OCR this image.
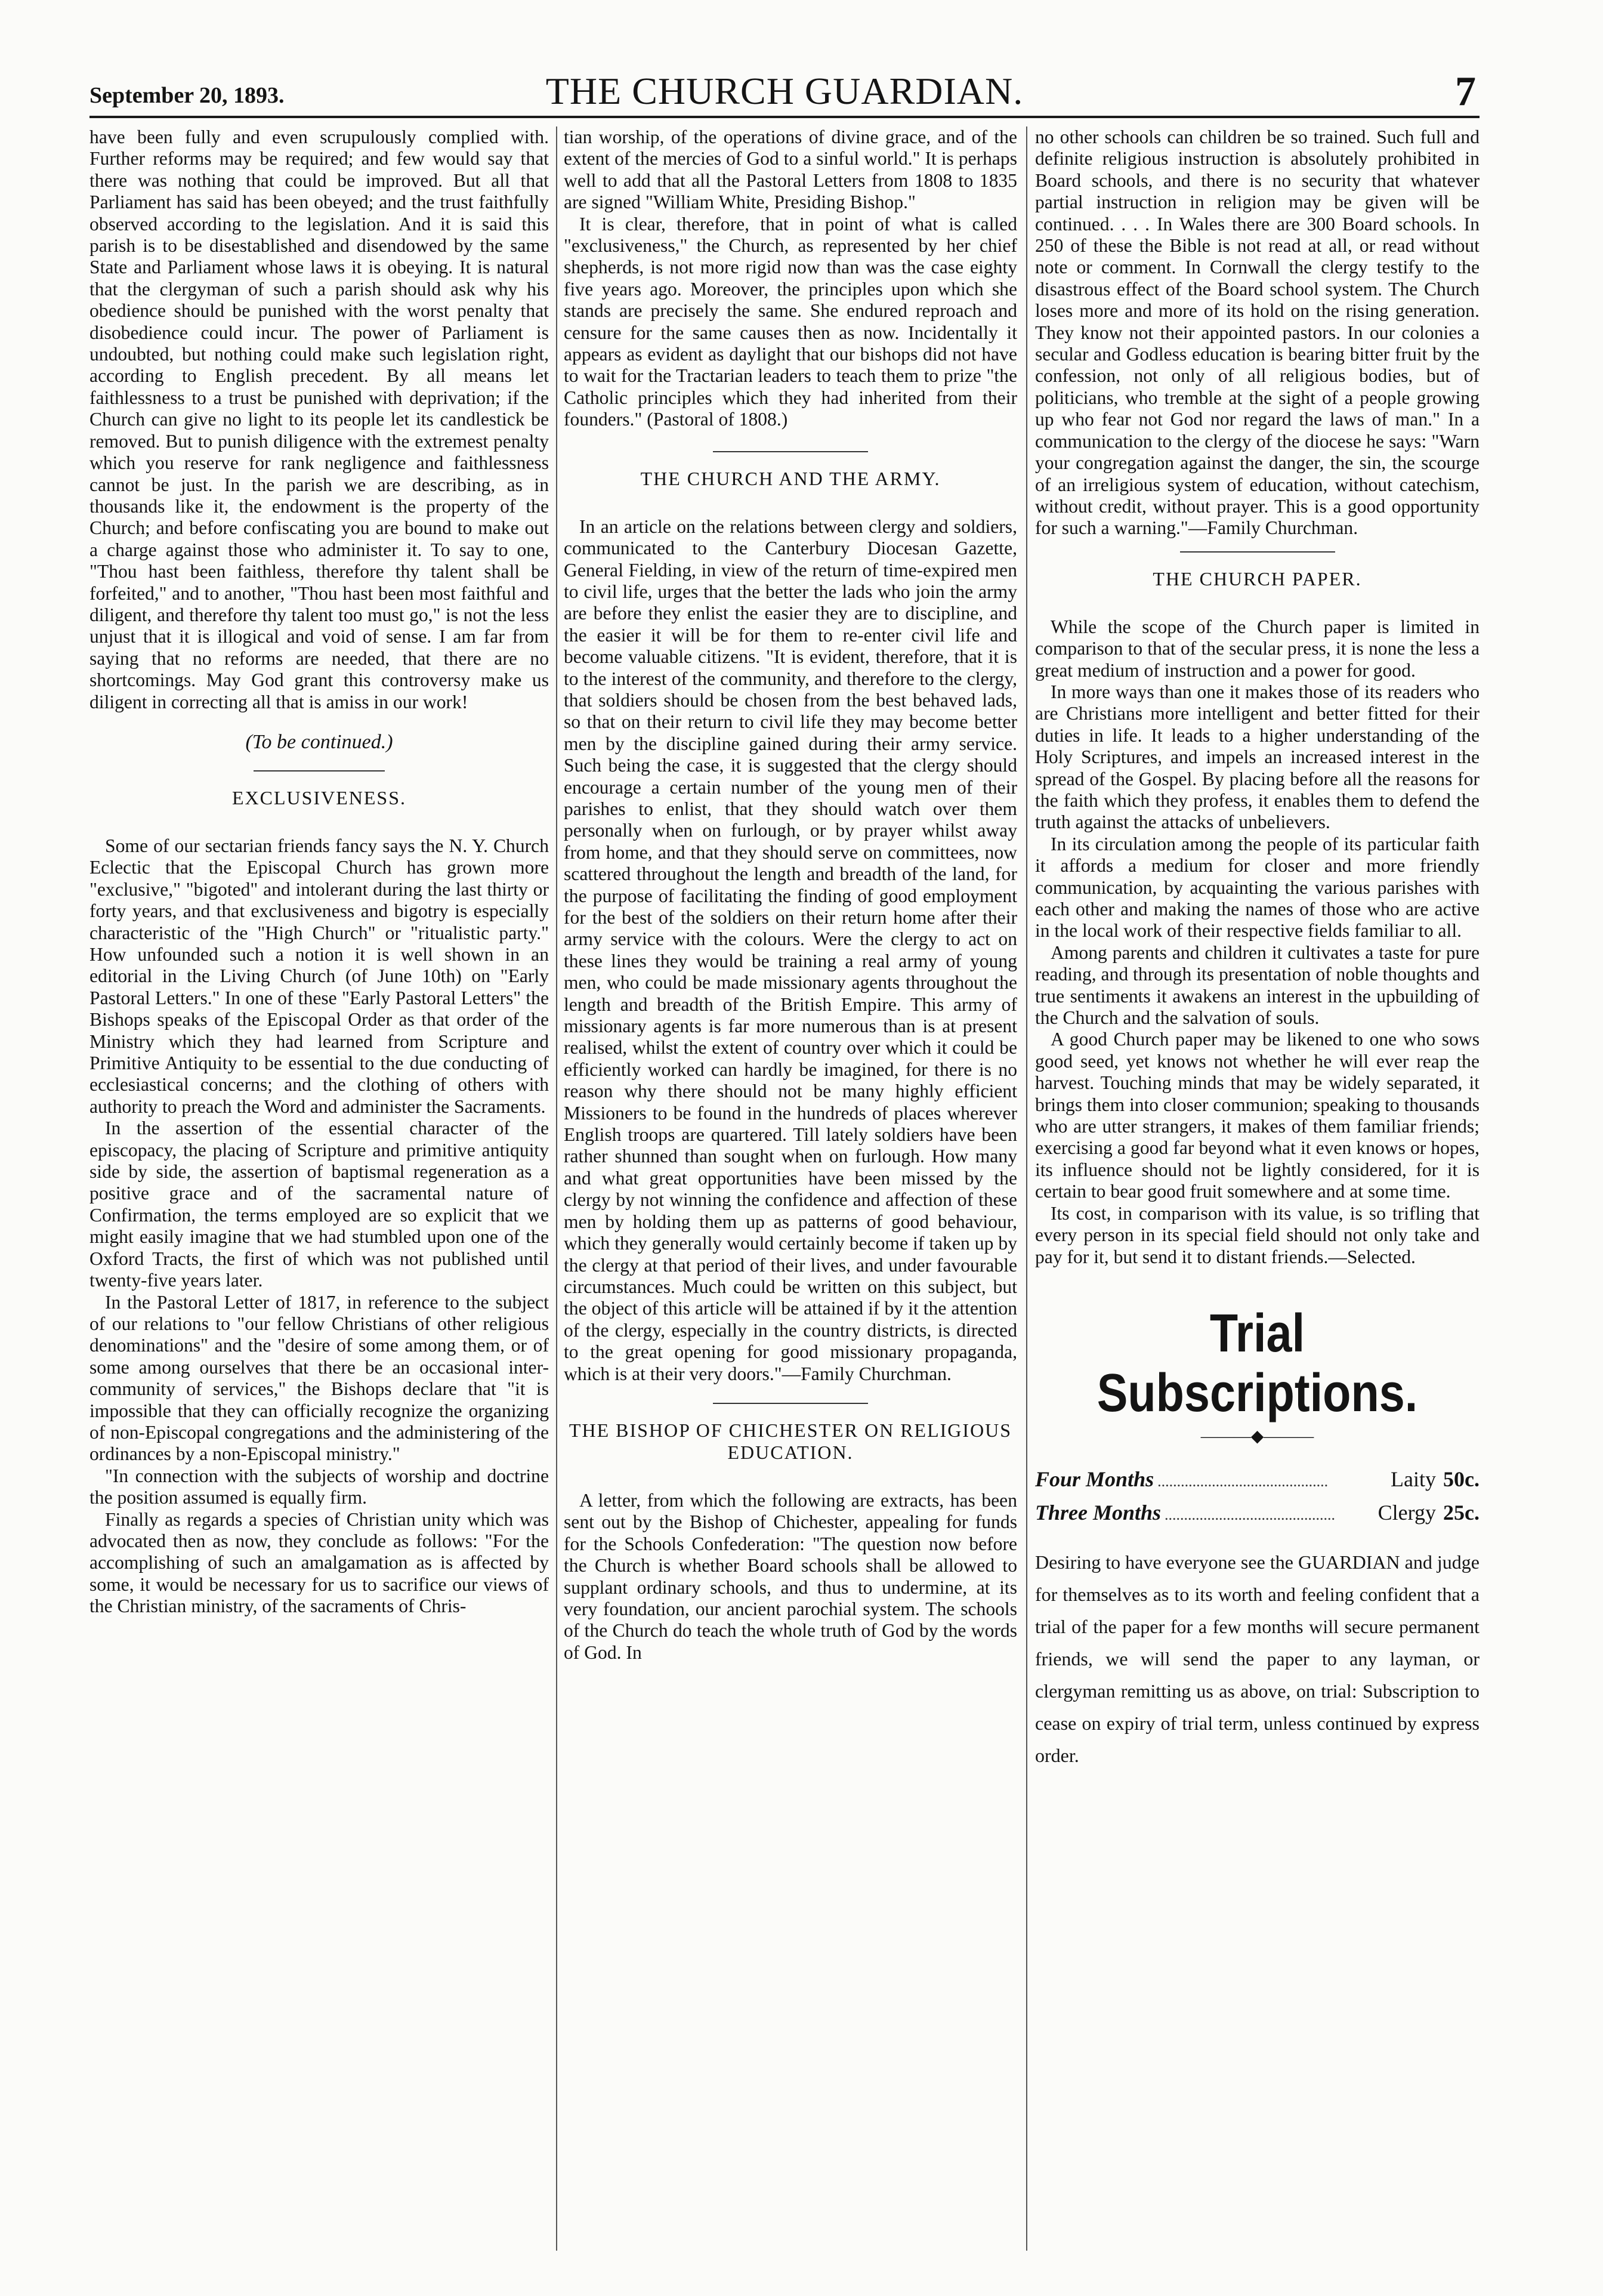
September 20, 1893.	THE CHURCH GUARDIAN.	7

have been fully and even scrupulously complied with. Further reforms may be required; and few would say that there was nothing that could be improved. But all that Parliament has said has been obeyed; and the trust faithfully observed according to the legislation. And it is said this parish is to be disestablished and disendowed by the same State and Parliament whose laws it is obeying. It is natural that the clergyman of such a parish should ask why his obedience should be punished with the worst penalty that disobedience could incur. The power of Parliament is undoubted, but nothing could make such legislation right, according to English precedent. By all means let faithlessness to a trust be punished with deprivation; if the Church can give no light to its people let its candlestick be removed. But to punish diligence with the extremest penalty which you reserve for rank negligence and faithlessness cannot be just. In the parish we are describing, as in thousands like it, the endowment is the property of the Church; and before confiscating you are bound to make out a charge against those who administer it. To say to one, "Thou hast been faithless, therefore thy talent shall be forfeited," and to another, "Thou hast been most faithful and diligent, and therefore thy talent too must go," is not the less unjust that it is illogical and void of sense. I am far from saying that no reforms are needed, that there are no shortcomings. May God grant this controversy make us diligent in correcting all that is amiss in our work!

(To be continued.)
EXCLUSIVENESS.

Some of our sectarian friends fancy says the N. Y. Church Eclectic that the Episcopal Church has grown more "exclusive," "bigoted" and intolerant during the last thirty or forty years, and that exclusiveness and bigotry is especially characteristic of the "High Church" or "ritualistic party." How unfounded such a notion it is well shown in an editorial in the Living Church (of June 10th) on "Early Pastoral Letters." In one of these "Early Pastoral Letters" the Bishops speaks of the Episcopal Order as that order of the Ministry which they had learned from Scripture and Primitive Antiquity to be essential to the due conducting of ecclesiastical concerns; and the clothing of others with authority to preach the Word and administer the Sacraments.

In the assertion of the essential character of the episcopacy, the placing of Scripture and primitive antiquity side by side, the assertion of baptismal regeneration as a positive grace and of the sacramental nature of Confirmation, the terms employed are so explicit that we might easily imagine that we had stumbled upon one of the Oxford Tracts, the first of which was not published until twenty-five years later.

In the Pastoral Letter of 1817, in reference to the subject of our relations to "our fellow Christians of other religious denominations" and the "desire of some among them, or of some among ourselves that there be an occasional inter-community of services," the Bishops declare that "it is impossible that they can officially recognize the organizing of non-Episcopal congregations and the administering of the ordinances by a non-Episcopal ministry."

"In connection with the subjects of worship and doctrine the position assumed is equally firm.

Finally as regards a species of Christian unity which was advocated then as now, they conclude as follows: "For the accomplishing of such an amalgamation as is affected by some, it would be necessary for us to sacrifice our views of the Christian ministry, of the sacraments of Chris-

tian worship, of the operations of divine grace, and of the extent of the mercies of God to a sinful world." It is perhaps well to add that all the Pastoral Letters from 1808 to 1835 are signed "William White, Presiding Bishop."

It is clear, therefore, that in point of what is called "exclusiveness," the Church, as represented by her chief shepherds, is not more rigid now than was the case eighty five years ago. Moreover, the principles upon which she stands are precisely the same. She endured reproach and censure for the same causes then as now. Incidentally it appears as evident as daylight that our bishops did not have to wait for the Tractarian leaders to teach them to prize "the Catholic principles which they had inherited from their founders." (Pastoral of 1808.)

THE CHURCH AND THE ARMY.

In an article on the relations between clergy and soldiers, communicated to the Canterbury Diocesan Gazette, General Fielding, in view of the return of time-expired men to civil life, urges that the better the lads who join the army are before they enlist the easier they are to discipline, and the easier it will be for them to re-enter civil life and become valuable citizens. "It is evident, therefore, that it is to the interest of the community, and therefore to the clergy, that soldiers should be chosen from the best behaved lads, so that on their return to civil life they may become better men by the discipline gained during their army service. Such being the case, it is suggested that the clergy should encourage a certain number of the young men of their parishes to enlist, that they should watch over them personally when on furlough, or by prayer whilst away from home, and that they should serve on committees, now scattered throughout the length and breadth of the land, for the purpose of facilitating the finding of good employment for the best of the soldiers on their return home after their army service with the colours. Were the clergy to act on these lines they would be training a real army of young men, who could be made missionary agents throughout the length and breadth of the British Empire. This army of missionary agents is far more numerous than is at present realised, whilst the extent of country over which it could be efficiently worked can hardly be imagined, for there is no reason why there should not be many highly efficient Missioners to be found in the hundreds of places wherever English troops are quartered. Till lately soldiers have been rather shunned than sought when on furlough. How many and what great opportunities have been missed by the clergy by not winning the confidence and affection of these men by holding them up as patterns of good behaviour, which they generally would certainly become if taken up by the clergy at that period of their lives, and under favourable circumstances. Much could be written on this subject, but the object of this article will be attained if by it the attention of the clergy, especially in the country districts, is directed to the great opening for good missionary propaganda, which is at their very doors."—Family Churchman.

THE BISHOP OF CHICHESTER ON RELIGIOUS EDUCATION.

A letter, from which the following are extracts, has been sent out by the Bishop of Chichester, appealing for funds for the Schools Confederation: "The question now before the Church is whether Board schools shall be allowed to supplant ordinary schools, and thus to undermine, at its very foundation, our ancient parochial system. The schools of the Church do teach the whole truth of God by the words of God. In

no other schools can children be so trained. Such full and definite religious instruction is absolutely prohibited in Board schools, and there is no security that whatever partial instruction in religion may be given will be continued. . . . In Wales there are 300 Board schools. In 250 of these the Bible is not read at all, or read without note or comment. In Cornwall the clergy testify to the disastrous effect of the Board school system. The Church loses more and more of its hold on the rising generation. They know not their appointed pastors. In our colonies a secular and Godless education is bearing bitter fruit by the confession, not only of all religious bodies, but of politicians, who tremble at the sight of a people growing up who fear not God nor regard the laws of man." In a communication to the clergy of the diocese he says: "Warn your congregation against the danger, the sin, the scourge of an irreligious system of education, without catechism, without credit, without prayer. This is a good opportunity for such a warning."—Family Churchman.

THE CHURCH PAPER.

While the scope of the Church paper is limited in comparison to that of the secular press, it is none the less a great medium of instruction and a power for good.

In more ways than one it makes those of its readers who are Christians more intelligent and better fitted for their duties in life. It leads to a higher understanding of the Holy Scriptures, and impels an increased interest in the spread of the Gospel. By placing before all the reasons for the faith which they profess, it enables them to defend the truth against the attacks of unbelievers.

In its circulation among the people of its particular faith it affords a medium for closer and more friendly communication, by acquainting the various parishes with each other and making the names of those who are active in the local work of their respective fields familiar to all.

Among parents and children it cultivates a taste for pure reading, and through its presentation of noble thoughts and true sentiments it awakens an interest in the upbuilding of the Church and the salvation of souls.

A good Church paper may be likened to one who sows good seed, yet knows not whether he will ever reap the harvest. Touching minds that may be widely separated, it brings them into closer communion; speaking to thousands who are utter strangers, it makes of them familiar friends; exercising a good far beyond what it even knows or hopes, its influence should not be lightly considered, for it is certain to bear good fruit somewhere and at some time.

Its cost, in comparison with its value, is so trifling that every person in its special field should not only take and pay for it, but send it to distant friends.—Selected.

Trial Subscriptions.
———◆———
Four Months ............................................	Laity 50c.
Three Months ............................................	Clergy 25c.

Desiring to have everyone see the GUARDIAN and judge for themselves as to its worth and feeling confident that a trial of the paper for a few months will secure permanent friends, we will send the paper to any layman, or clergyman remitting us as above, on trial: Subscription to cease on expiry of trial term, unless continued by express order.
